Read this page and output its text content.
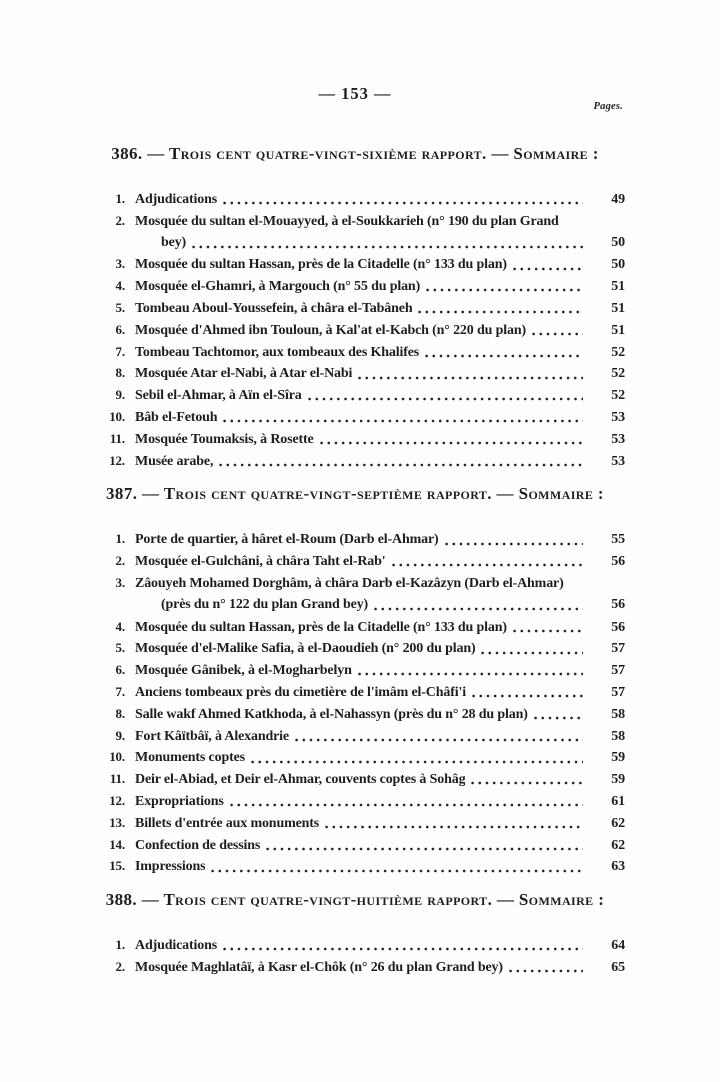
— 153 —
Pages.
386. — Trois cent quatre-vingt-sixième rapport. — Sommaire :
1. Adjudications	49
2. Mosquée du sultan el-Mouayyed, à el-Soukkarieh (n° 190 du plan Grand
bey)	50
3. Mosquée du sultan Hassan, près de la Citadelle (n° 133 du plan)	50
4. Mosquée el-Ghamri, à Margouch (n° 55 du plan)	51
5. Tombeau Aboul-Youssefein, à châra el-Tabâneh	51
6. Mosquée d'Ahmed ibn Touloun, à Kal'at el-Kabch (n° 220 du plan)	51
7. Tombeau Tachtomor, aux tombeaux des Khalifes	52
8. Mosquée Atar el-Nabi, à Atar el-Nabi	52
9. Sebil el-Ahmar, à Aïn el-Sîra	52
10. Bâb el-Fetouh	53
11. Mosquée Toumaksis, à Rosette	53
12. Musée arabe,	53
387. — Trois cent quatre-vingt-septième rapport. — Sommaire :
1. Porte de quartier, à hâret el-Roum (Darb el-Ahmar)	55
2. Mosquée el-Gulchâni, à châra Taht el-Rab'	56
3. Zâouyeh Mohamed Dorghâm, à châra Darb el-Kazâzyn (Darb el-Ahmar)
(près du n° 122 du plan Grand bey)	56
4. Mosquée du sultan Hassan, près de la Citadelle (n° 133 du plan)	56
5. Mosquée d'el-Malike Safia, à el-Daoudieh (n° 200 du plan)	57
6. Mosquée Gânibek, à el-Mogharbelyn	57
7. Anciens tombeaux près du cimetière de l'imâm el-Châfi'i	57
8. Salle wakf Ahmed Katkhoda, à el-Nahassyn (près du n° 28 du plan)	58
9. Fort Kâïtbâï, à Alexandrie	58
10. Monuments coptes	59
11. Deir el-Abiad, et Deir el-Ahmar, couvents coptes à Sohâg	59
12. Expropriations	61
13. Billets d'entrée aux monuments	62
14. Confection de dessins	62
15. Impressions	63
388. — Trois cent quatre-vingt-huitième rapport. — Sommaire :
1. Adjudications	64
2. Mosquée Maghlatâï, à Kasr el-Chôk (n° 26 du plan Grand bey)	65
